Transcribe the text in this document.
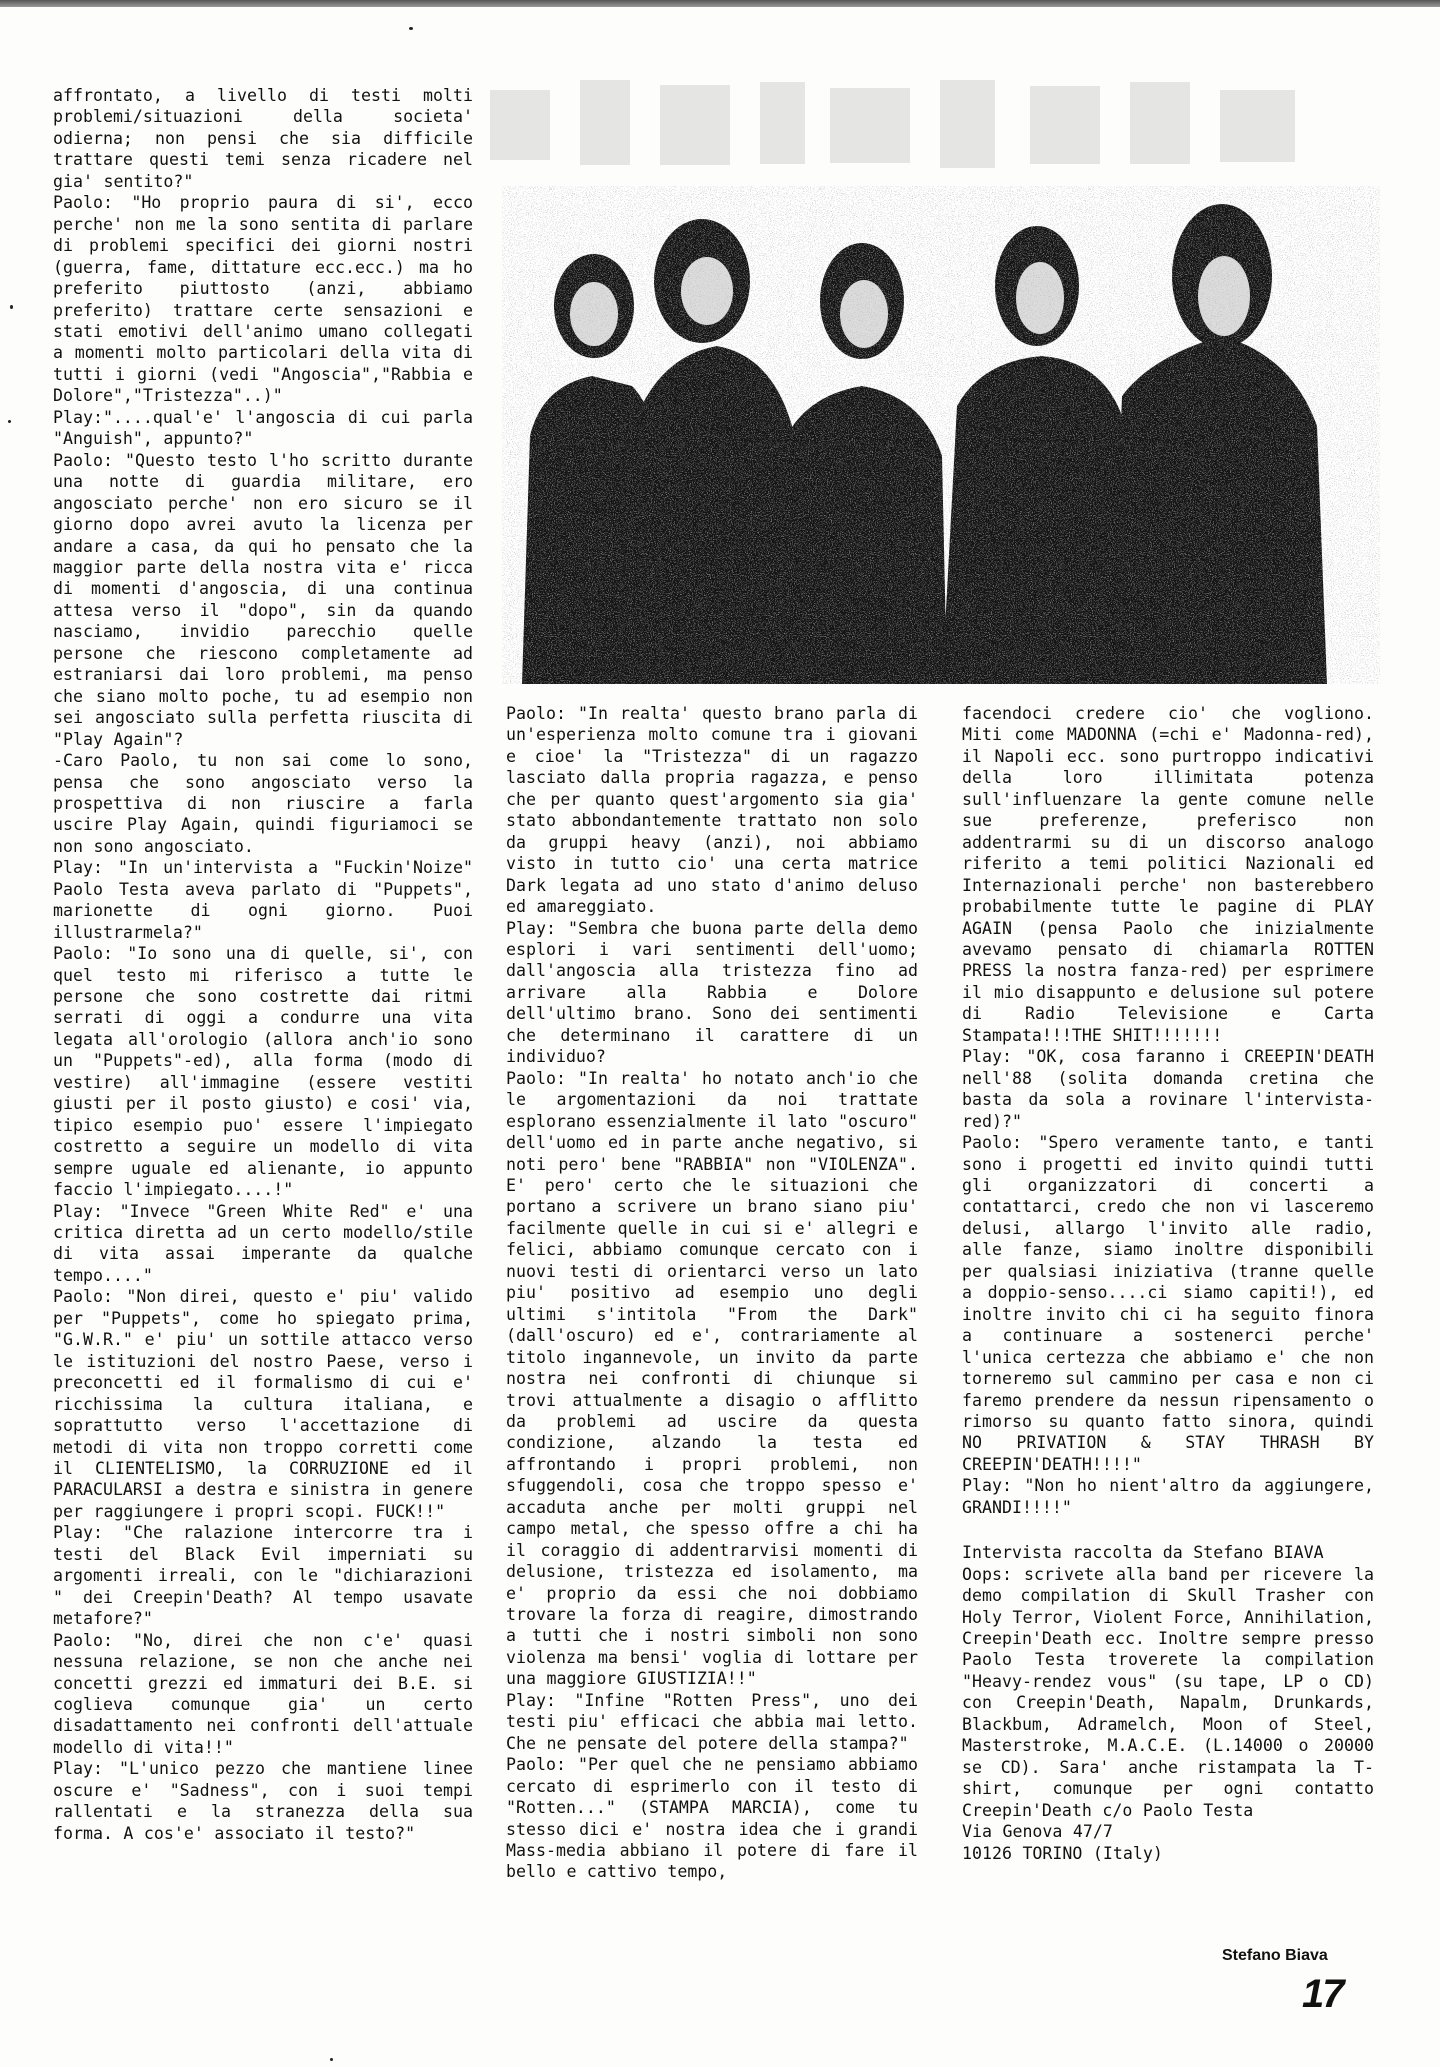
affrontato, a livello di testi molti problemi/situazioni della societa' odierna; non pensi che sia difficile trattare questi temi senza ricadere nel gia' sentito?"

Paolo: "Ho proprio paura di si', ecco perche' non me la sono sentita di parlare di problemi specifici dei giorni nostri (guerra, fame, dittature ecc.ecc.) ma ho preferito piuttosto (anzi, abbiamo preferito) trattare certe sensazioni e stati emotivi dell'animo umano collegati a momenti molto particolari della vita di tutti i giorni (vedi "Angoscia","Rabbia e Dolore","Tristezza"..)"

Play:"....qual'e' l'angoscia di cui parla "Anguish", appunto?"

Paolo: "Questo testo l'ho scritto durante una notte di guardia militare, ero angosciato perche' non ero sicuro se il giorno dopo avrei avuto la licenza per andare a casa, da qui ho pensato che la maggior parte della nostra vita e' ricca di momenti d'angoscia, di una continua attesa verso il "dopo", sin da quando nasciamo, invidio parecchio quelle persone che riescono completamente ad estraniarsi dai loro problemi, ma penso che siano molto poche, tu ad esempio non sei angosciato sulla perfetta riuscita di "Play Again"?

-Caro Paolo, tu non sai come lo sono, pensa che sono angosciato verso la prospettiva di non riuscire a farla uscire Play Again, quindi figuriamoci se non sono angosciato.

Play: "In un'intervista a "Fuckin'Noize" Paolo Testa aveva parlato di "Puppets", marionette di ogni giorno. Puoi illustrarmela?"

Paolo: "Io sono una di quelle, si', con quel testo mi riferisco a tutte le persone che sono costrette dai ritmi serrati di oggi a condurre una vita legata all'orologio (allora anch'io sono un "Puppets"-ed), alla forma (modo di vestire) all'immagine (essere vestiti giusti per il posto giusto) e cosi' via, tipico esempio puo' essere l'impiegato costretto a seguire un modello di vita sempre uguale ed alienante, io appunto faccio l'impiegato....!"

Play: "Invece "Green White Red" e' una critica diretta ad un certo modello/stile di vita assai imperante da qualche tempo...."

Paolo: "Non direi, questo e' piu' valido per "Puppets", come ho spiegato prima, "G.W.R." e' piu' un sottile attacco verso le istituzioni del nostro Paese, verso i preconcetti ed il formalismo di cui e' ricchissima la cultura italiana, e soprattutto verso l'accettazione di metodi di vita non troppo corretti come il CLIENTELISMO, la CORRUZIONE ed il PARACULARSI a destra e sinistra in genere per raggiungere i propri scopi. FUCK!!"

Play: "Che ralazione intercorre tra i testi del Black Evil imperniati su argomenti irreali, con le "dichiarazioni " dei Creepin'Death? Al tempo usavate metafore?"

Paolo: "No, direi che non c'e' quasi nessuna relazione, se non che anche nei concetti grezzi ed immaturi dei B.E. si coglieva comunque gia' un certo disadattamento nei confronti dell'attuale modello di vita!!"

Play: "L'unico pezzo che mantiene linee oscure e' "Sadness", con i suoi tempi rallentati e la stranezza della sua forma. A cos'e' associato il testo?"

Paolo: "In realta' questo brano parla di un'esperienza molto comune tra i giovani e cioe' la "Tristezza" di un ragazzo lasciato dalla propria ragazza, e penso che per quanto quest'argomento sia gia' stato abbondantemente trattato non solo da gruppi heavy (anzi), noi abbiamo visto in tutto cio' una certa matrice Dark legata ad uno stato d'animo deluso ed amareggiato.

Play: "Sembra che buona parte della demo esplori i vari sentimenti dell'uomo; dall'angoscia alla tristezza fino ad arrivare alla Rabbia e Dolore dell'ultimo brano. Sono dei sentimenti che determinano il carattere di un individuo?

Paolo: "In realta' ho notato anch'io che le argomentazioni da noi trattate esplorano essenzialmente il lato "oscuro" dell'uomo ed in parte anche negativo, si noti pero' bene "RABBIA" non "VIOLENZA". E' pero' certo che le situazioni che portano a scrivere un brano siano piu' facilmente quelle in cui si e' allegri e felici, abbiamo comunque cercato con i nuovi testi di orientarci verso un lato piu' positivo ad esempio uno degli ultimi s'intitola "From the Dark" (dall'oscuro) ed e', contrariamente al titolo ingannevole, un invito da parte nostra nei confronti di chiunque si trovi attualmente a disagio o afflitto da problemi ad uscire da questa condizione, alzando la testa ed affrontando i propri problemi, non sfuggendoli, cosa che troppo spesso e' accaduta anche per molti gruppi nel campo metal, che spesso offre a chi ha il coraggio di addentrarvisi momenti di delusione, tristezza ed isolamento, ma e' proprio da essi che noi dobbiamo trovare la forza di reagire, dimostrando a tutti che i nostri simboli non sono violenza ma bensi' voglia di lottare per una maggiore GIUSTIZIA!!"

Play: "Infine "Rotten Press", uno dei testi piu' efficaci che abbia mai letto. Che ne pensate del potere della stampa?"

Paolo: "Per quel che ne pensiamo abbiamo cercato di esprimerlo con il testo di "Rotten..." (STAMPA MARCIA), come tu stesso dici e' nostra idea che i grandi Mass-media abbiano il potere di fare il bello e cattivo tempo,

facendoci credere cio' che vogliono. Miti come MADONNA (=chi e' Madonna-red), il Napoli ecc. sono purtroppo indicativi della loro illimitata potenza sull'influenzare la gente comune nelle sue preferenze, preferisco non addentrarmi su di un discorso analogo riferito a temi politici Nazionali ed Internazionali perche' non basterebbero probabilmente tutte le pagine di PLAY AGAIN (pensa Paolo che inizialmente avevamo pensato di chiamarla ROTTEN PRESS la nostra fanza-red) per esprimere il mio disappunto e delusione sul potere di Radio Televisione e Carta Stampata!!!THE SHIT!!!!!!!

Play: "OK, cosa faranno i CREEPIN'DEATH nell'88 (solita domanda cretina che basta da sola a rovinare l'intervista-red)?"

Paolo: "Spero veramente tanto, e tanti sono i progetti ed invito quindi tutti gli organizzatori di concerti a contattarci, credo che non vi lasceremo delusi, allargo l'invito alle radio, alle fanze, siamo inoltre disponibili per qualsiasi iniziativa (tranne quelle a doppio-senso....ci siamo capiti!), ed inoltre invito chi ci ha seguito finora a continuare a sostenerci perche' l'unica certezza che abbiamo e' che non torneremo sul cammino per casa e non ci faremo prendere da nessun ripensamento o rimorso su quanto fatto sinora, quindi NO PRIVATION & STAY THRASH BY CREEPIN'DEATH!!!!"

Play: "Non ho nient'altro da aggiungere, GRANDI!!!!"

Intervista raccolta da Stefano BIAVA

Oops: scrivete alla band per ricevere la demo compilation di Skull Trasher con Holy Terror, Violent Force, Annihilation, Creepin'Death ecc. Inoltre sempre presso Paolo Testa troverete la compilation "Heavy-rendez vous" (su tape, LP o CD) con Creepin'Death, Napalm, Drunkards, Blackbum, Adramelch, Moon of Steel, Masterstroke, M.A.C.E. (L.14000 o 20000 se CD). Sara' anche ristampata la T-shirt, comunque per ogni contatto Creepin'Death c/o Paolo Testa

Via Genova 47/7

10126 TORINO (Italy)

Stefano Biava
17
